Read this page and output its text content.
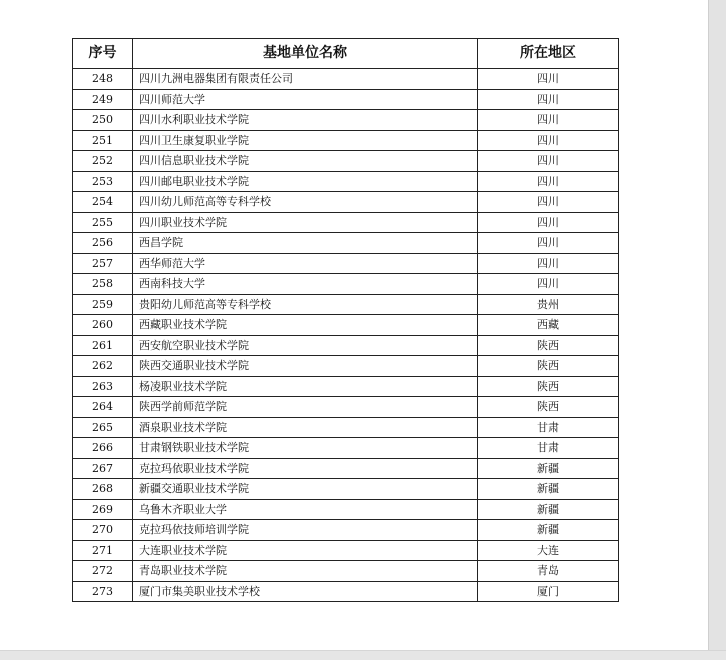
序号	基地单位名称	所在地区
248	四川九洲电器集团有限责任公司	四川
249	四川师范大学	四川
250	四川水利职业技术学院	四川
251	四川卫生康复职业学院	四川
252	四川信息职业技术学院	四川
253	四川邮电职业技术学院	四川
254	四川幼儿师范高等专科学校	四川
255	四川职业技术学院	四川
256	西昌学院	四川
257	西华师范大学	四川
258	西南科技大学	四川
259	贵阳幼儿师范高等专科学校	贵州
260	西藏职业技术学院	西藏
261	西安航空职业技术学院	陕西
262	陕西交通职业技术学院	陕西
263	杨凌职业技术学院	陕西
264	陕西学前师范学院	陕西
265	酒泉职业技术学院	甘肃
266	甘肃钢铁职业技术学院	甘肃
267	克拉玛依职业技术学院	新疆
268	新疆交通职业技术学院	新疆
269	乌鲁木齐职业大学	新疆
270	克拉玛依技师培训学院	新疆
271	大连职业技术学院	大连
272	青岛职业技术学院	青岛
273	厦门市集美职业技术学校	厦门
